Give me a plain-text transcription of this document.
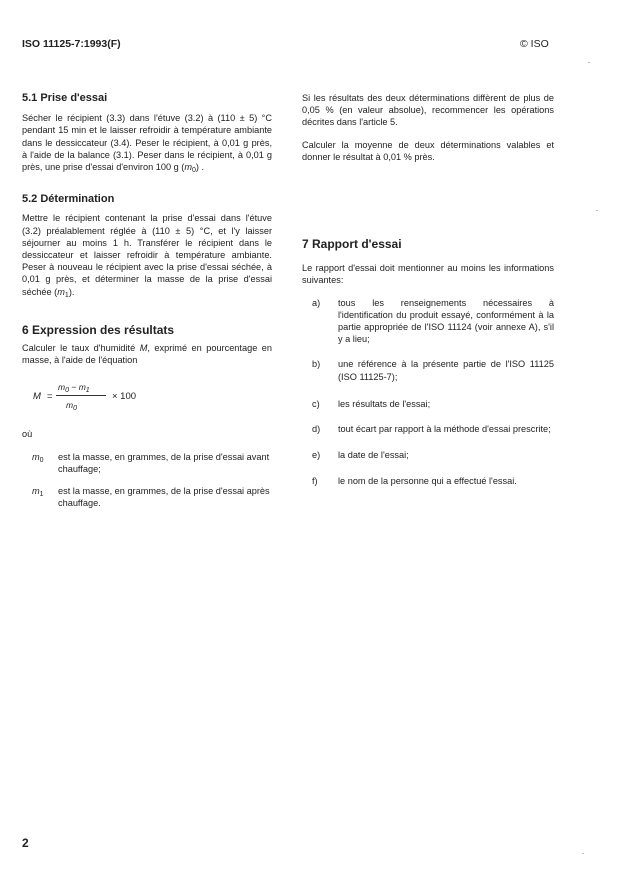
ISO 11125-7:1993(F)	© ISO
5.1 Prise d'essai

Sécher le récipient (3.3) dans l'étuve (3.2) à (110 ± 5) °C pendant 15 min et le laisser refroidir à température ambiante dans le dessiccateur (3.4). Peser le récipient, à 0,01 g près, à l'aide de la balance (3.1). Peser dans le récipient, à 0,01 g près, une prise d'essai d'environ 100 g $(m_0)$ .

5.2 Détermination

Mettre le récipient contenant la prise d'essai dans l'étuve (3.2) préalablement réglée à (110 ± 5) °C, et l'y laisser séjourner au moins 1 h. Transférer le récipient dans le dessiccateur et laisser refroidir à température ambiante. Peser à nouveau le récipient avec la prise d'essai séchée, à 0,01 g près, et déterminer la masse de la prise d'essai séchée $(m_1)$.

6 Expression des résultats

Calculer le taux d'humidité M, exprimé en pourcentage en masse, à l'aide de l'équation

M =
$m_0 - m_1$
$m_0$
× 100
où
$m_0$ est la masse, en grammes, de la prise d'essai avant chauffage;
$m_1$ est la masse, en grammes, de la prise d'essai après chauffage.

Si les résultats des deux déterminations diffèrent de plus de 0,05 % (en valeur absolue), recommencer les opérations décrites dans l'article 5.

Calculer la moyenne de deux déterminations valables et donner le résultat à 0,01 % près.

7 Rapport d'essai

Le rapport d'essai doit mentionner au moins les informations suivantes:

a) tous les renseignements nécessaires à l'identification du produit essayé, conformément à la partie appropriée de l'ISO 11124 (voir annexe A), s'il y a lieu;
b) une référence à la présente partie de l'ISO 11125 (ISO 11125-7);
c) les résultats de l'essai;
d) tout écart par rapport à la méthode d'essai prescrite;
e) la date de l'essai;
f) le nom de la personne qui a effectué l'essai.
2
